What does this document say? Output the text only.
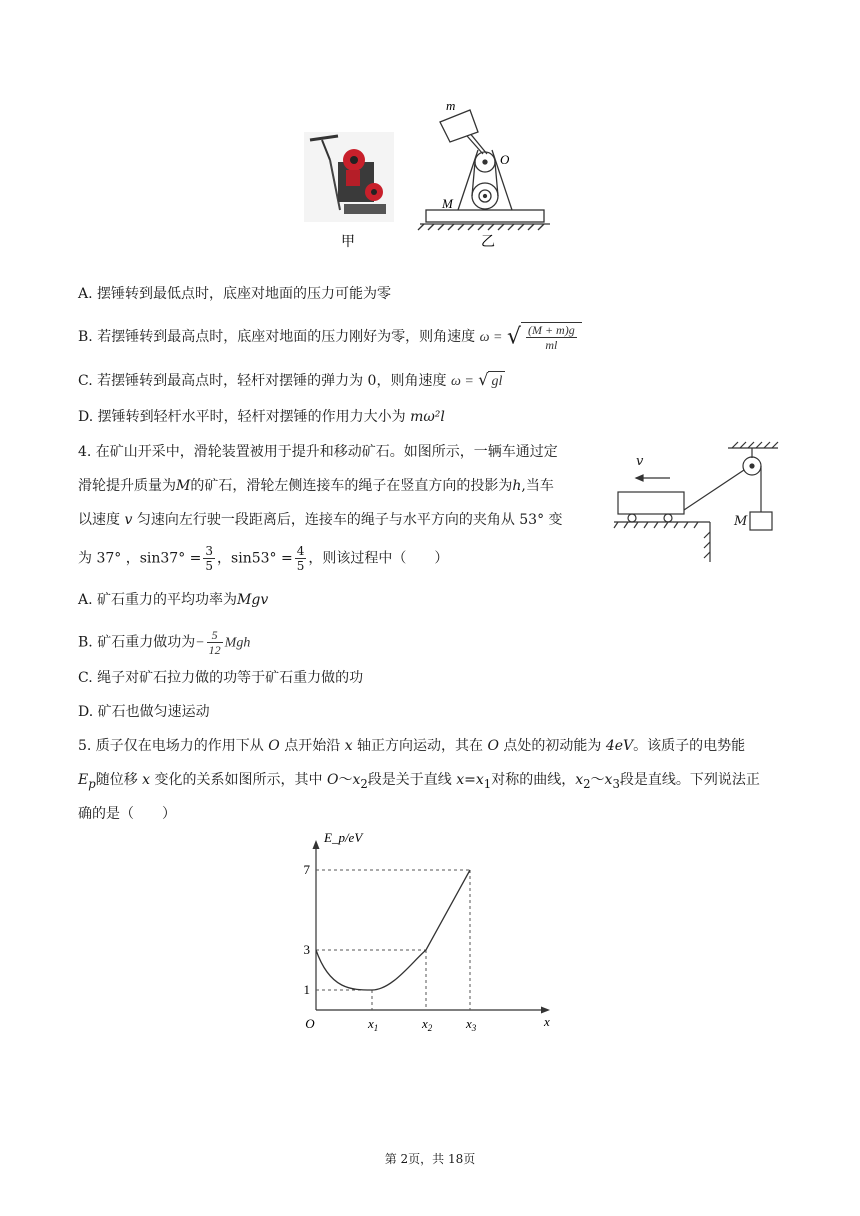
甲
m
O
M
乙
A. 摆锤转到最低点时，底座对地面的压力可能为零
B. 若摆锤转到最高点时，底座对地面的压力刚好为零，则角速度 ω = √ $\frac{(M + m)g}{ml}$
C. 若摆锤转到最高点时，轻杆对摆锤的弹力为 0，则角速度 ω = √ gl
D. 摆锤转到轻杆水平时，轻杆对摆锤的作用力大小为 mω²l
4. 在矿山开采中，滑轮装置被用于提升和移动矿石。如图所示，一辆车通过定
滑轮提升质量为M的矿石，滑轮左侧连接车的绳子在竖直方向的投影为h,当车
以速度 v 匀速向左行驶一段距离后，连接车的绳子与水平方向的夹角从 53° 变
为 37° ，$\sin 37^\circ = \frac{3}{5}$ ，$\sin 53^\circ = \frac{4}{5}$ ，则该过程中（　　）
v
M
A. 矿石重力的平均功率为Mgv
B. 矿石重力做功为− $\frac{5}{12}$ Mgh
C. 绳子对矿石拉力做的功等于矿石重力做的功
D. 矿石也做匀速运动
5. 质子仅在电场力的作用下从 O 点开始沿 x 轴正方向运动，其在 O 点处的初动能为 4eV。该质子的电势能
$E_p$随位移 x 变化的关系如图所示，其中 $O\sim x_2$段是关于直线 $x=x_1$对称的曲线，$x_2\sim x_3$段是直线。下列说法正
确的是（　　）
E_p/eV
x
O
1
3
7
$x_1$	$x_2$	$x_3$
第 2页，共 18页
